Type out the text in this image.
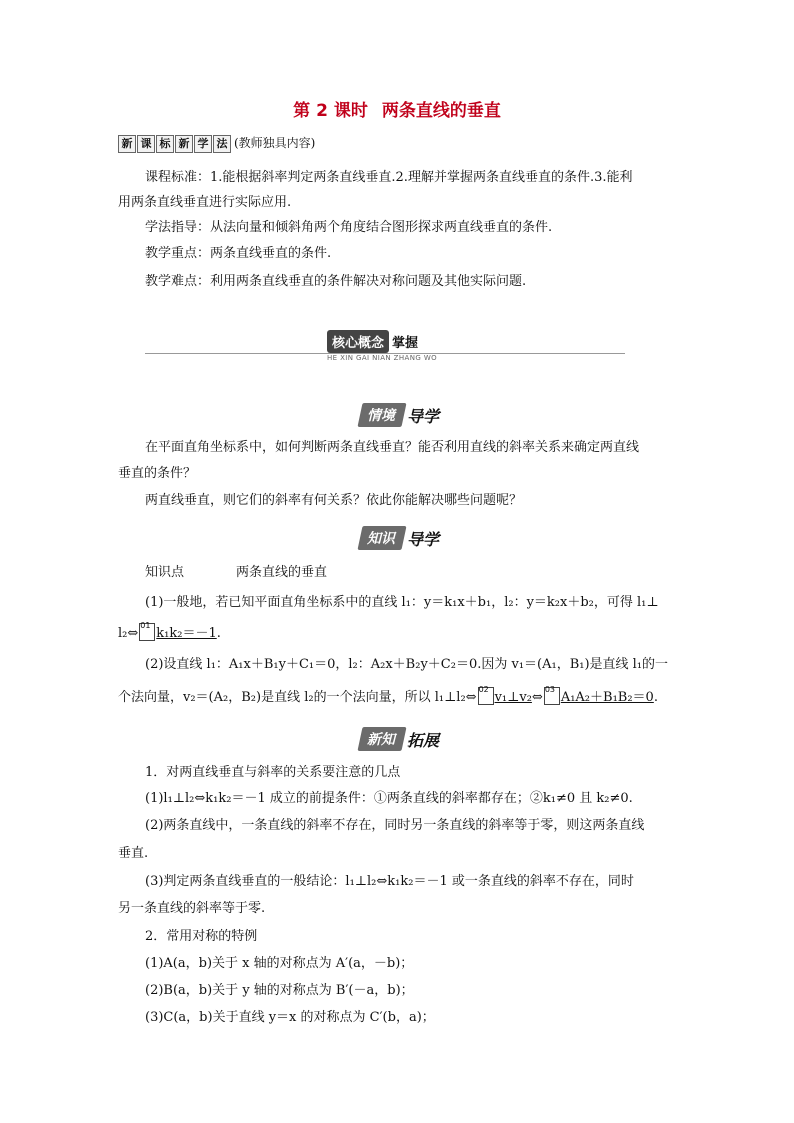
第 2 课时 两条直线的垂直
新 课 标 新 学 法 (教师独具内容)
课程标准：1.能根据斜率判定两条直线垂直.2.理解并掌握两条直线垂直的条件.3.能利
用两条直线垂直进行实际应用.
学法指导：从法向量和倾斜角两个角度结合图形探求两直线垂直的条件.
教学重点：两条直线垂直的条件.
教学难点：利用两条直线垂直的条件解决对称问题及其他实际问题.
核心概念 掌握
HE XIN GAI NIAN ZHANG WO
情境 导学
在平面直角坐标系中，如何判断两条直线垂直？能否利用直线的斜率关系来确定两直线
垂直的条件？
两直线垂直，则它们的斜率有何关系？依此你能解决哪些问题呢？
知识 导学
知识点	两条直线的垂直
(1)一般地，若已知平面直角坐标系中的直线 l₁：y＝k₁x＋b₁，l₂：y＝k₂x＋b₂，可得 l₁⊥
l₂⇔
01
k₁k₂＝－1.
(2)设直线 l₁：A₁x＋B₁y＋C₁＝0，l₂：A₂x＋B₂y＋C₂＝0.因为 v₁＝(A₁，B₁)是直线 l₁的一
个法向量，v₂＝(A₂，B₂)是直线 l₂的一个法向量，所以 l₁⊥l₂⇔
02
v₁⊥v₂⇔
03
A₁A₂＋B₁B₂＝0.
新知 拓展
1．对两直线垂直与斜率的关系要注意的几点
(1)l₁⊥l₂⇔k₁k₂＝－1 成立的前提条件：①两条直线的斜率都存在；②k₁≠0 且 k₂≠0.
(2)两条直线中，一条直线的斜率不存在，同时另一条直线的斜率等于零，则这两条直线
垂直.
(3)判定两条直线垂直的一般结论：l₁⊥l₂⇔k₁k₂＝－1 或一条直线的斜率不存在，同时
另一条直线的斜率等于零.
2．常用对称的特例
(1)A(a，b)关于 x 轴的对称点为 A′(a，－b)；
(2)B(a，b)关于 y 轴的对称点为 B′(－a，b)；
(3)C(a，b)关于直线 y＝x 的对称点为 C′(b，a)；
